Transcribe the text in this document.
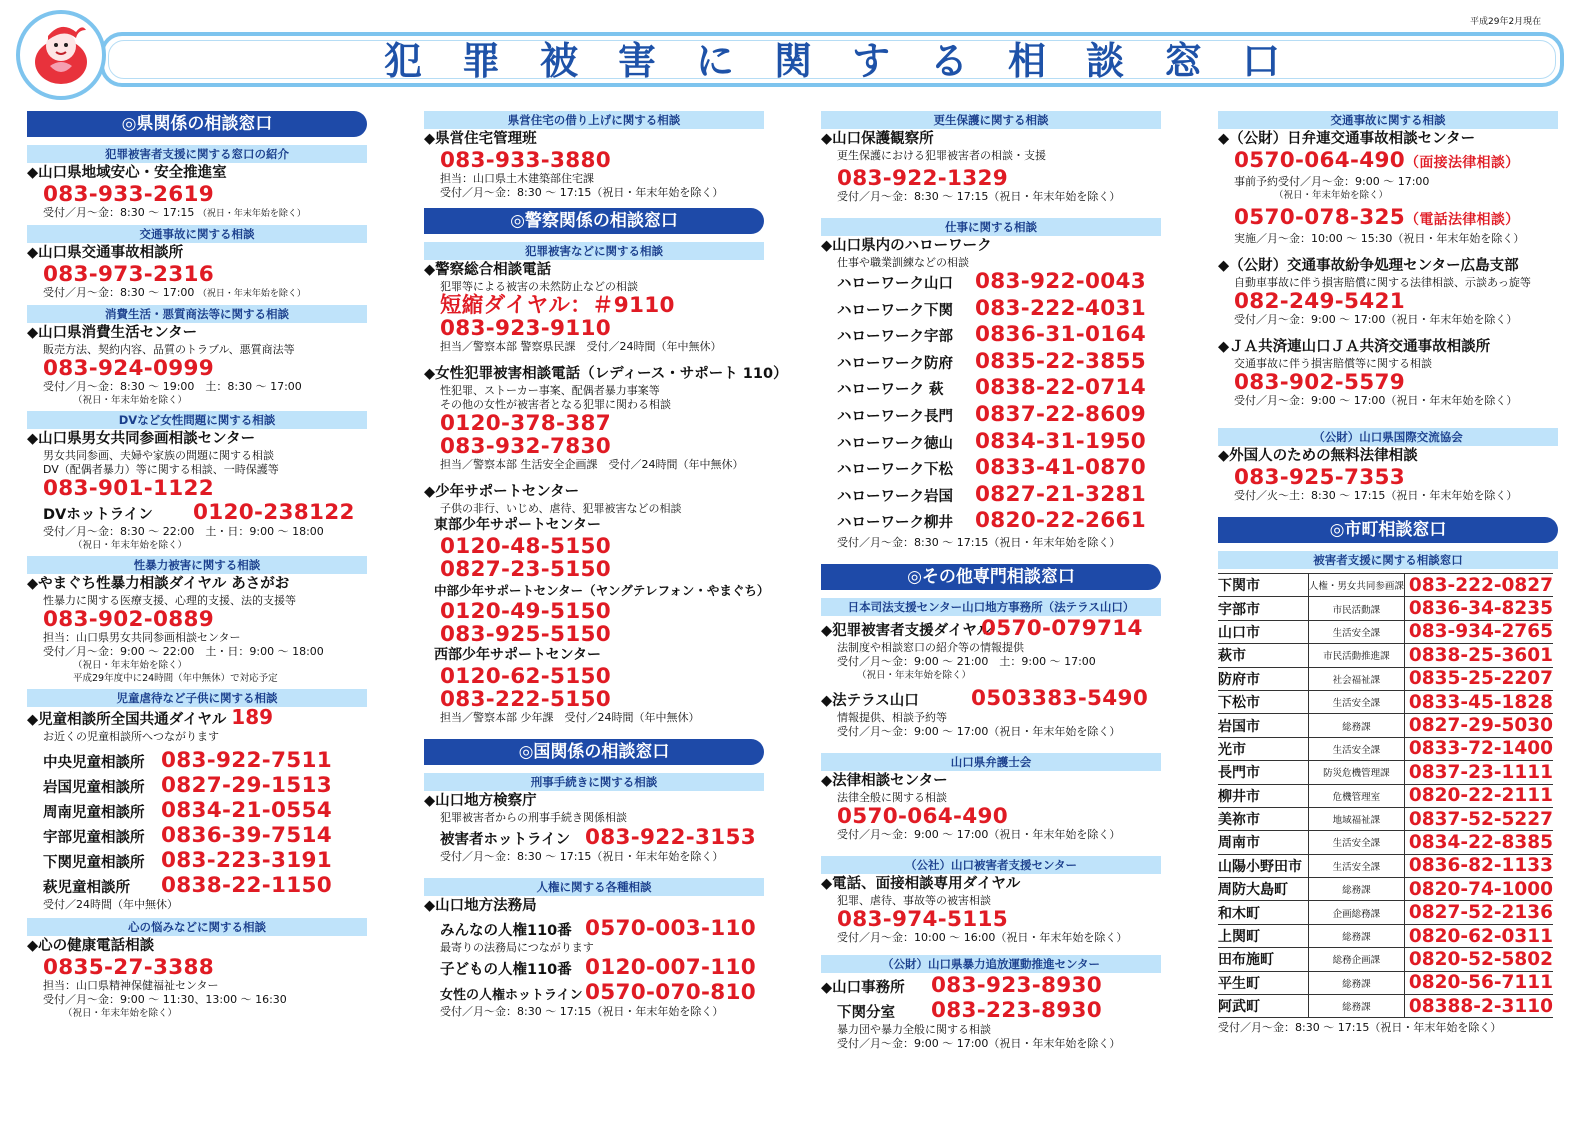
平成29年2月現在
犯罪被害に関する相談窓口
◎県関係の相談窓口
犯罪被害者支援に関する窓口の紹介
◆山口県地域安心・安全推進室
083-933-2619
受付／月～金：8:30 ～ 17:15 （祝日・年末年始を除く）
交通事故に関する相談
◆山口県交通事故相談所
083-973-2316
受付／月～金：8:30 ～ 17:00 （祝日・年末年始を除く）
消費生活・悪質商法等に関する相談
◆山口県消費生活センター
販売方法、契約内容、品質のトラブル、悪質商法等
083-924-0999
受付／月～金：8:30 ～ 19:00　土：8:30 ～ 17:00
（祝日・年末年始を除く）
DVなど女性問題に関する相談
◆山口県男女共同参画相談センター
男女共同参画、夫婦や家族の問題に関する相談
DV（配偶者暴力）等に関する相談、一時保護等
083-901-1122
DVホットライン	0120-238122
受付／月～金：8:30 ～ 22:00　土・日：9:00 ～ 18:00
（祝日・年末年始を除く）
性暴力被害に関する相談
◆やまぐち性暴力相談ダイヤル あさがお
性暴力に関する医療支援、心理的支援、法的支援等
083-902-0889
担当：山口県男女共同参画相談センター
受付／月～金：9:00 ～ 22:00　土・日：9:00 ～ 18:00
（祝日・年末年始を除く）
平成29年度中に24時間（年中無休）で対応予定
児童虐待など子供に関する相談
◆児童相談所全国共通ダイヤル 189
お近くの児童相談所へつながります
中央児童相談所 083-922-7511
岩国児童相談所 0827-29-1513
周南児童相談所 0834-21-0554
宇部児童相談所 0836-39-7514
下関児童相談所 083-223-3191
萩児童相談所	0838-22-1150
受付／24時間（年中無休）
心の悩みなどに関する相談
◆心の健康電話相談
0835-27-3388
担当：山口県精神保健福祉センター
受付／月～金：9:00 ～ 11:30、13:00 ～ 16:30
（祝日・年末年始を除く）
県営住宅の借り上げに関する相談
◆県営住宅管理班
083-933-3880
担当：山口県土木建築部住宅課
受付／月～金：8:30 ～ 17:15（祝日・年末年始を除く）
◎警察関係の相談窓口
犯罪被害などに関する相談
◆警察総合相談電話
犯罪等による被害の未然防止などの相談
短縮ダイヤル：＃9110
083-923-9110
担当／警察本部 警察県民課　受付／24時間（年中無休）
◆女性犯罪被害相談電話（レディース・サポート 110）
性犯罪、ストーカー事案、配偶者暴力事案等
その他の女性が被害者となる犯罪に関わる相談
0120-378-387
083-932-7830
担当／警察本部 生活安全企画課　受付／24時間（年中無休）
◆少年サポートセンター
子供の非行、いじめ、虐待、犯罪被害などの相談
東部少年サポートセンター
0120-48-5150
0827-23-5150
中部少年サポートセンター（ヤングテレフォン・やまぐち）
0120-49-5150
083-925-5150
西部少年サポートセンター
0120-62-5150
083-222-5150
担当／警察本部 少年課　受付／24時間（年中無休）
◎国関係の相談窓口
刑事手続きに関する相談
◆山口地方検察庁
犯罪被害者からの刑事手続き関係相談
被害者ホットライン 083-922-3153
受付／月～金：8:30 ～ 17:15（祝日・年末年始を除く）
人権に関する各種相談
◆山口地方法務局
みんなの人権110番 0570-003-110
最寄りの法務局につながります
子どもの人権110番 0120-007-110
女性の人権ホットライン 0570-070-810
受付／月～金：8:30 ～ 17:15（祝日・年末年始を除く）
更生保護に関する相談
◆山口保護観察所
更生保護における犯罪被害者の相談・支援
083-922-1329
受付／月～金：8:30 ～ 17:15（祝日・年末年始を除く）
仕事に関する相談
◆山口県内のハローワーク
仕事や職業訓練などの相談
ハローワーク山口	083-922-0043
ハローワーク下関	083-222-4031
ハローワーク宇部	0836-31-0164
ハローワーク防府	0835-22-3855
ハローワーク 萩	0838-22-0714
ハローワーク長門	0837-22-8609
ハローワーク徳山	0834-31-1950
ハローワーク下松	0833-41-0870
ハローワーク岩国	0827-21-3281
ハローワーク柳井	0820-22-2661
受付／月～金：8:30 ～ 17:15（祝日・年末年始を除く）
◎その他専門相談窓口
日本司法支援センター山口地方事務所（法テラス山口）
◆犯罪被害者支援ダイヤル
0570-079714
法制度や相談窓口の紹介等の情報提供
受付／月～金：9:00 ～ 21:00　土：9:00 ～ 17:00
（祝日・年末年始を除く）
◆法テラス山口	0503383-5490
情報提供、相談予約等
受付／月～金：9:00 ～ 17:00（祝日・年末年始を除く）
山口県弁護士会
◆法律相談センター
法律全般に関する相談
0570-064-490
受付／月～金：9:00 ～ 17:00（祝日・年末年始を除く）
（公社）山口被害者支援センター
◆電話、面接相談専用ダイヤル
犯罪、虐待、事故等の被害相談
083-974-5115
受付／月～金：10:00 ～ 16:00（祝日・年末年始を除く）
（公財）山口県暴力追放運動推進センター
◆山口事務所	083-923-8930
下関分室	083-223-8930
暴力団や暴力全般に関する相談
受付／月～金：9:00 ～ 17:00（祝日・年末年始を除く）
交通事故に関する相談
◆（公財）日弁連交通事故相談センター
0570-064-490（面接法律相談）
事前予約受付／月～金：9:00 ～ 17:00
（祝日・年末年始を除く）
0570-078-325（電話法律相談）
実施／月～金：10:00 ～ 15:30（祝日・年末年始を除く）
◆（公財）交通事故紛争処理センター広島支部
自動車事故に伴う損害賠償に関する法律相談、示談あっ旋等
082-249-5421
受付／月～金：9:00 ～ 17:00（祝日・年末年始を除く）
◆ＪＡ共済連山口ＪＡ共済交通事故相談所
交通事故に伴う損害賠償等に関する相談
083-902-5579
受付／月～金：9:00 ～ 17:00（祝日・年末年始を除く）
（公財）山口県国際交流協会
◆外国人のための無料法律相談
083-925-7353
受付／火～土：8:30 ～ 17:15（祝日・年末年始を除く）
◎市町相談窓口
被害者支援に関する相談窓口
下関市	人権・男女共同参画課	083-222-0827
宇部市	市民活動課	0836-34-8235
山口市	生活安全課	083-934-2765
萩市	市民活動推進課	0838-25-3601
防府市	社会福祉課	0835-25-2207
下松市	生活安全課	0833-45-1828
岩国市	総務課	0827-29-5030
光市	生活安全課	0833-72-1400
長門市	防災危機管理課	0837-23-1111
柳井市	危機管理室	0820-22-2111
美祢市	地域福祉課	0837-52-5227
周南市	生活安全課	0834-22-8385
山陽小野田市	生活安全課	0836-82-1133
周防大島町	総務課	0820-74-1000
和木町	企画総務課	0827-52-2136
上関町	総務課	0820-62-0311
田布施町	総務企画課	0820-52-5802
平生町	総務課	0820-56-7111
阿武町	総務課	08388-2-3110
受付／月～金：8:30 ～ 17:15（祝日・年末年始を除く）
